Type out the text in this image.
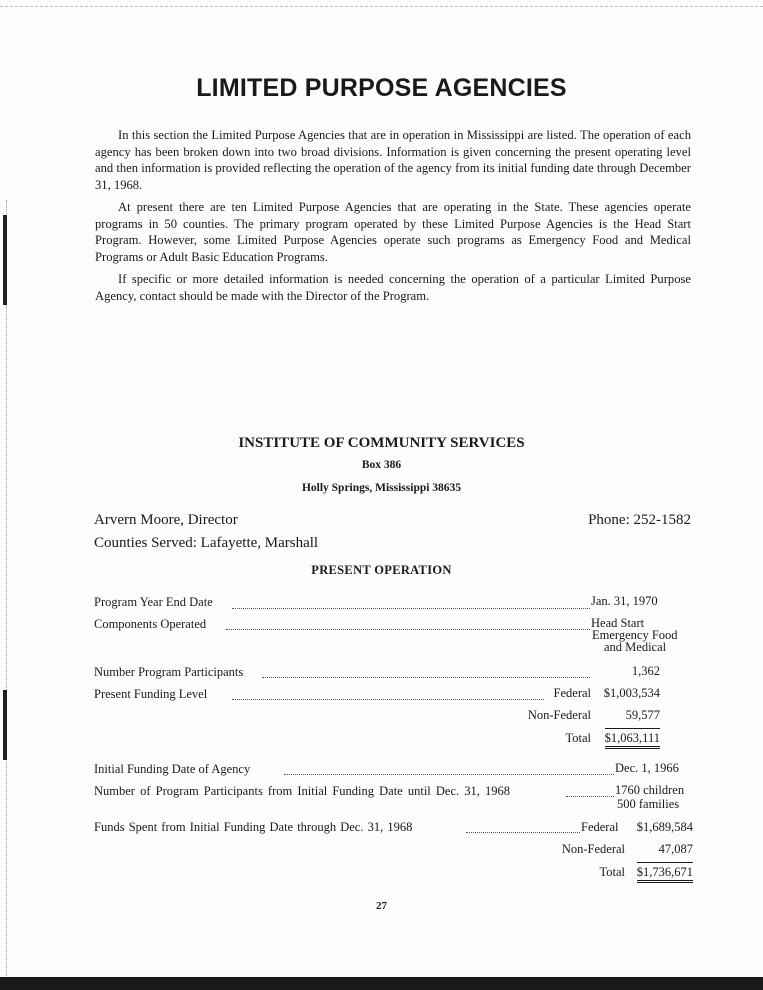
LIMITED PURPOSE AGENCIES
In this section the Limited Purpose Agencies that are in operation in Mississippi are listed. The operation of each agency has been broken down into two broad divisions. Information is given concerning the present operating level and then information is provided reflecting the operation of the agency from its initial funding date through December 31, 1968.
At present there are ten Limited Purpose Agencies that are operating in the State. These agencies operate programs in 50 counties. The primary program operated by these Limited Purpose Agencies is the Head Start Program. However, some Limited Purpose Agencies operate such programs as Emergency Food and Medical Programs or Adult Basic Education Programs.
If specific or more detailed information is needed concerning the operation of a particular Limited Purpose Agency, contact should be made with the Director of the Program.
INSTITUTE OF COMMUNITY SERVICES
Box 386
Holly Springs, Mississippi 38635
Arvern Moore, Director	Phone: 252-1582
Counties Served: Lafayette, Marshall
PRESENT OPERATION
Program Year End Date	Jan. 31, 1970
Components Operated	Head Start
Emergency Food
and Medical
Number Program Participants	1,362
Present Funding Level	Federal $1,003,534
Non-Federal	59,577
Total $1,063,111
Initial Funding Date of Agency	Dec. 1, 1966
Number of Program Participants from Initial Funding Date until Dec. 31, 1968	1760 children
500 families
Funds Spent from Initial Funding Date through Dec. 31, 1968	Federal $1,689,584
Non-Federal	47,087
Total $1,736,671
27
